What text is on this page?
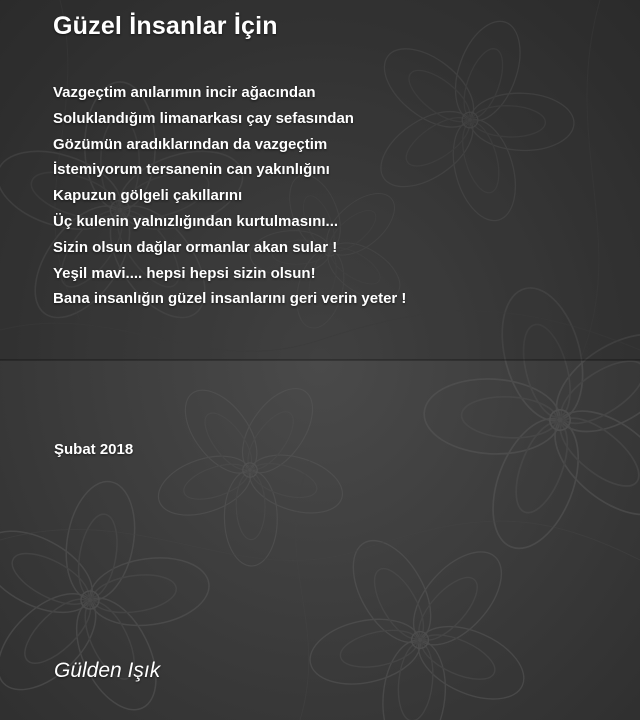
Güzel İnsanlar İçin
Vazgeçtim anılarımın incir ağacından
Soluklandığım limanarkası çay sefasından
Gözümün aradıklarından da vazgeçtim
İstemiyorum tersanenin can yakınlığını
Kapuzun gölgeli çakıllarını
Üç kulenin yalnızlığından kurtulmasını...
Sizin olsun dağlar ormanlar akan sular !
Yeşil mavi.... hepsi hepsi sizin olsun!
Bana insanlığın güzel insanlarını geri verin yeter !
Şubat 2018
Gülden Işık
